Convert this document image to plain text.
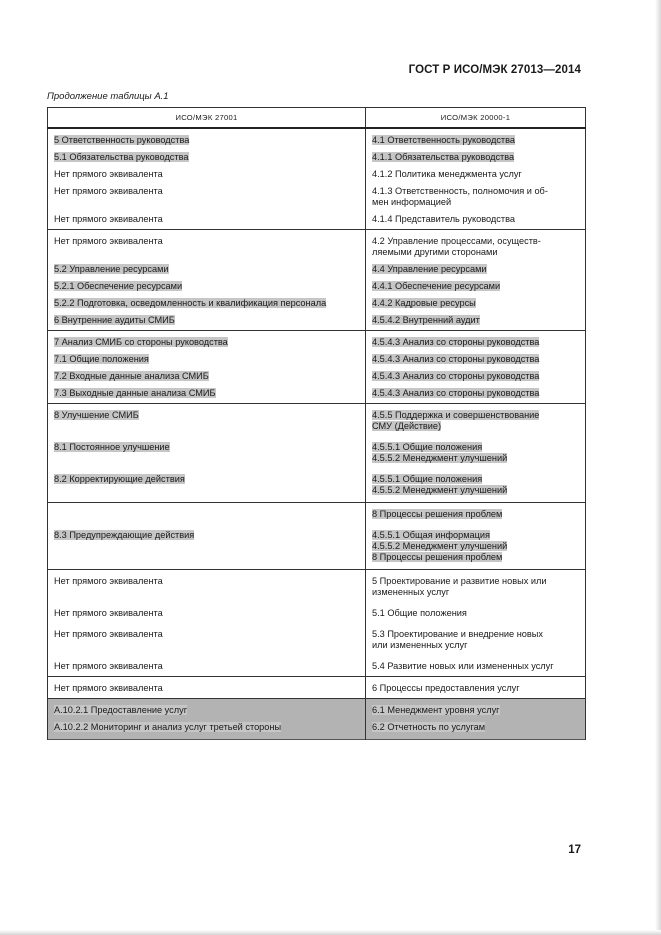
ГОСТ Р ИСО/МЭК 27013—2014
Продолжение таблицы А.1
ИСО/МЭК 27001	ИСО/МЭК 20000-1

5 Ответственность руководства	4.1 Ответственность руководства

5.1 Обязательства руководства	4.1.1 Обязательства руководства

Нет прямого эквивалента	4.1.2 Политика менеджмента услуг

Нет прямого эквивалента	4.1.3 Ответственность, полномочия и об-
мен информацией

Нет прямого эквивалента	4.1.4 Представитель руководства

Нет прямого эквивалента	4.2 Управление процессами, осуществ-
ляемыми другими сторонами

5.2 Управление ресурсами	4.4 Управление ресурсами

5.2.1 Обеспечение ресурсами	4.4.1 Обеспечение ресурсами

5.2.2 Подготовка, осведомленность и квалификация персонала	4.4.2 Кадровые ресурсы

6 Внутренние аудиты СМИБ	4.5.4.2 Внутренний аудит

7 Анализ СМИБ со стороны руководства	4.5.4.3 Анализ со стороны руководства

7.1 Общие положения	4.5.4.3 Анализ со стороны руководства

7.2 Входные данные анализа СМИБ	4.5.4.3 Анализ со стороны руководства

7.3 Выходные данные анализа СМИБ	4.5.4.3 Анализ со стороны руководства

8 Улучшение СМИБ	4.5.5 Поддержка и совершенствование
СМУ (Действие)

8.1 Постоянное улучшение	4.5.5.1 Общие положения
4.5.5.2 Менеджмент улучшений

8.2 Корректирующие действия	4.5.5.1 Общие положения
4.5.5.2 Менеджмент улучшений

	8 Процессы решения проблем

8.3 Предупреждающие действия	4.5.5.1 Общая информация
4.5.5.2 Менеджмент улучшений
8 Процессы решения проблем

Нет прямого эквивалента	5 Проектирование и развитие новых или
измененных услуг

Нет прямого эквивалента	5.1 Общие положения

Нет прямого эквивалента	5.3 Проектирование и внедрение новых
или измененных услуг

Нет прямого эквивалента	5.4 Развитие новых или измененных услуг

Нет прямого эквивалента	6 Процессы предоставления услуг

А.10.2.1 Предоставление услуг	6.1 Менеджмент уровня услуг

А.10.2.2 Мониторинг и анализ услуг третьей стороны	6.2 Отчетность по услугам
17
